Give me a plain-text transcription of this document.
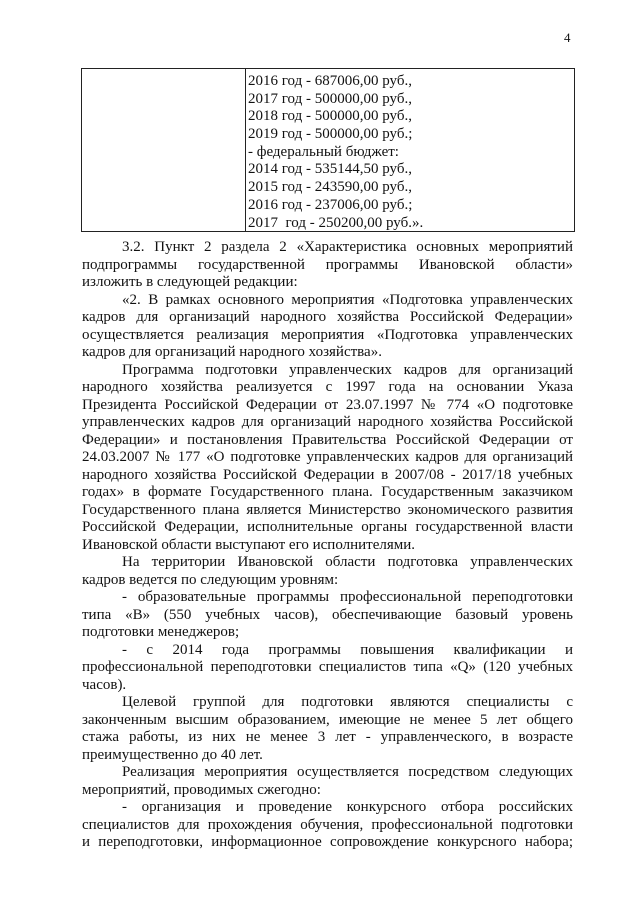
4
2016 год - 687006,00 руб.,
2017 год - 500000,00 руб.,
2018 год - 500000,00 руб.,
2019 год - 500000,00 руб.;
- федеральный бюджет:
2014 год - 535144,50 руб.,
2015 год - 243590,00 руб.,
2016 год - 237006,00 руб.;
2017  год - 250200,00 руб.».
3.2. Пункт 2 раздела 2 «Характеристика основных мероприятий
подпрограммы государственной программы Ивановской области»
изложить в следующей редакции:
«2. В рамках основного мероприятия «Подготовка управленческих
кадров для организаций народного хозяйства Российской Федерации»
осуществляется реализация мероприятия «Подготовка управленческих
кадров для организаций народного хозяйства».
Программа подготовки управленческих кадров для организаций
народного хозяйства реализуется с 1997 года на основании Указа
Президента Российской Федерации от 23.07.1997 № 774 «О подготовке
управленческих кадров для организаций народного хозяйства Российской
Федерации» и постановления Правительства Российской Федерации от
24.03.2007 № 177 «О подготовке управленческих кадров для организаций
народного хозяйства Российской Федерации в 2007/08 - 2017/18 учебных
годах» в формате Государственного плана. Государственным заказчиком
Государственного плана является Министерство экономического развития
Российской Федерации, исполнительные органы государственной власти
Ивановской области выступают его исполнителями.
На территории Ивановской области подготовка управленческих
кадров ведется по следующим уровням:
- образовательные программы профессиональной переподготовки
типа «В» (550 учебных часов), обеспечивающие базовый уровень
подготовки менеджеров;
- с 2014 года программы повышения квалификации и
профессиональной переподготовки специалистов типа «Q» (120 учебных
часов).
Целевой группой для подготовки являются специалисты с
законченным высшим образованием, имеющие не менее 5 лет общего
стажа работы, из них не менее 3 лет - управленческого, в возрасте
преимущественно до 40 лет.
Реализация мероприятия осуществляется посредством следующих
мероприятий, проводимых сжегодно:
- организация и проведение конкурсного отбора российских
специалистов для прохождения обучения, профессиональной подготовки
и переподготовки, информационное сопровождение конкурсного набора;
